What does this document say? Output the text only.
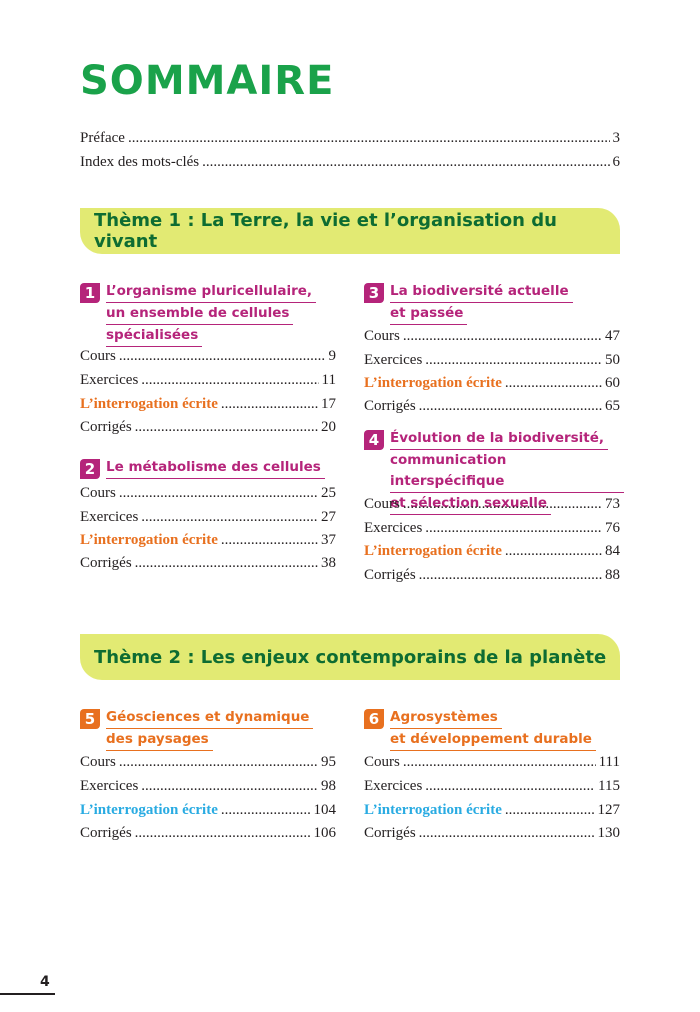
SOMMAIRE
Préface .....	3
Index des mots-clés .....	6
Thème 1 : La Terre, la vie et l’organisation du vivant
1 L’organisme pluricellulaire,
un ensemble de cellules
spécialisées
Cours .....	9
Exercices .....	11
L’interrogation écrite .....	17
Corrigés .....	20
2 Le métabolisme des cellules
Cours .....	25
Exercices .....	27
L’interrogation écrite .....	37
Corrigés .....	38
3 La biodiversité actuelle
et passée
Cours .....	47
Exercices .....	50
L’interrogation écrite .....	60
Corrigés .....	65
4 Évolution de la biodiversité,
communication interspécifique
et sélection sexuelle
Cours .....	73
Exercices .....	76
L’interrogation écrite .....	84
Corrigés .....	88
Thème 2 : Les enjeux contemporains de la planète
5 Géosciences et dynamique
des paysages
Cours .....	95
Exercices .....	98
L’interrogation écrite .....	104
Corrigés .....	106
6 Agrosystèmes
et développement durable
Cours .....	111
Exercices .....	115
L’interrogation écrite .....	127
Corrigés .....	130
4
